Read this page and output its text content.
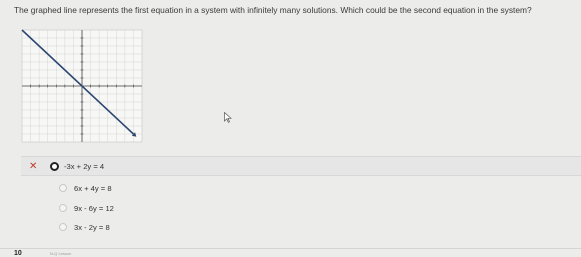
The graphed line represents the first equation in a system with infinitely many solutions. Which could be the second equation in the system?
✕	-3x + 2y = 4
6x + 4y = 8
9x - 6y = 12
3x - 2y = 8
10	N-Q Lesson
